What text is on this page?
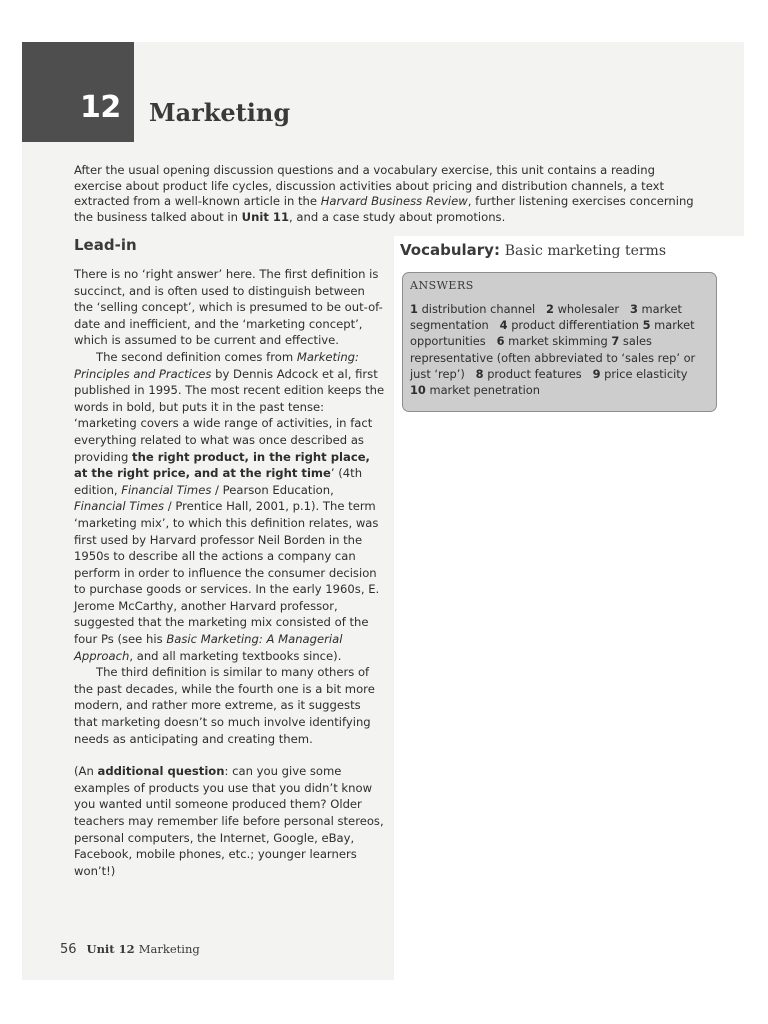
12 Marketing
After the usual opening discussion questions and a vocabulary exercise, this unit contains a reading exercise about product life cycles, discussion activities about pricing and distribution channels, a text extracted from a well-known article in the Harvard Business Review, further listening exercises concerning the business talked about in Unit 11, and a case study about promotions.
Lead-in

There is no ‘right answer’ here. The first definition is succinct, and is often used to distinguish between the ‘selling concept’, which is presumed to be out-of-date and inefficient, and the ‘marketing concept’, which is assumed to be current and effective.

The second definition comes from Marketing: Principles and Practices by Dennis Adcock et al, first published in 1995. The most recent edition keeps the words in bold, but puts it in the past tense: ‘marketing covers a wide range of activities, in fact everything related to what was once described as providing the right product, in the right place, at the right price, and at the right time’ (4th edition, Financial Times / Pearson Education, Financial Times / Prentice Hall, 2001, p.1). The term ‘marketing mix’, to which this definition relates, was first used by Harvard professor Neil Borden in the 1950s to describe all the actions a company can perform in order to influence the consumer decision to purchase goods or services. In the early 1960s, E. Jerome McCarthy, another Harvard professor, suggested that the marketing mix consisted of the four Ps (see his Basic Marketing: A Managerial Approach, and all marketing textbooks since).

The third definition is similar to many others of the past decades, while the fourth one is a bit more modern, and rather more extreme, as it suggests that marketing doesn’t so much involve identifying needs as anticipating and creating them.

(An additional question: can you give some examples of products you use that you didn’t know you wanted until someone produced them? Older teachers may remember life before personal stereos, personal computers, the Internet, Google, eBay, Facebook, mobile phones, etc.; younger learners won’t!)

Vocabulary: Basic marketing terms
ANSWERS
1 distribution channel 2 wholesaler 3 market segmentation 4 product differentiation 5 market opportunities 6 market skimming 7 sales representative (often abbreviated to ‘sales rep’ or just ‘rep’) 8 product features 9 price elasticity   10 market penetration
56 Unit 12 Marketing
